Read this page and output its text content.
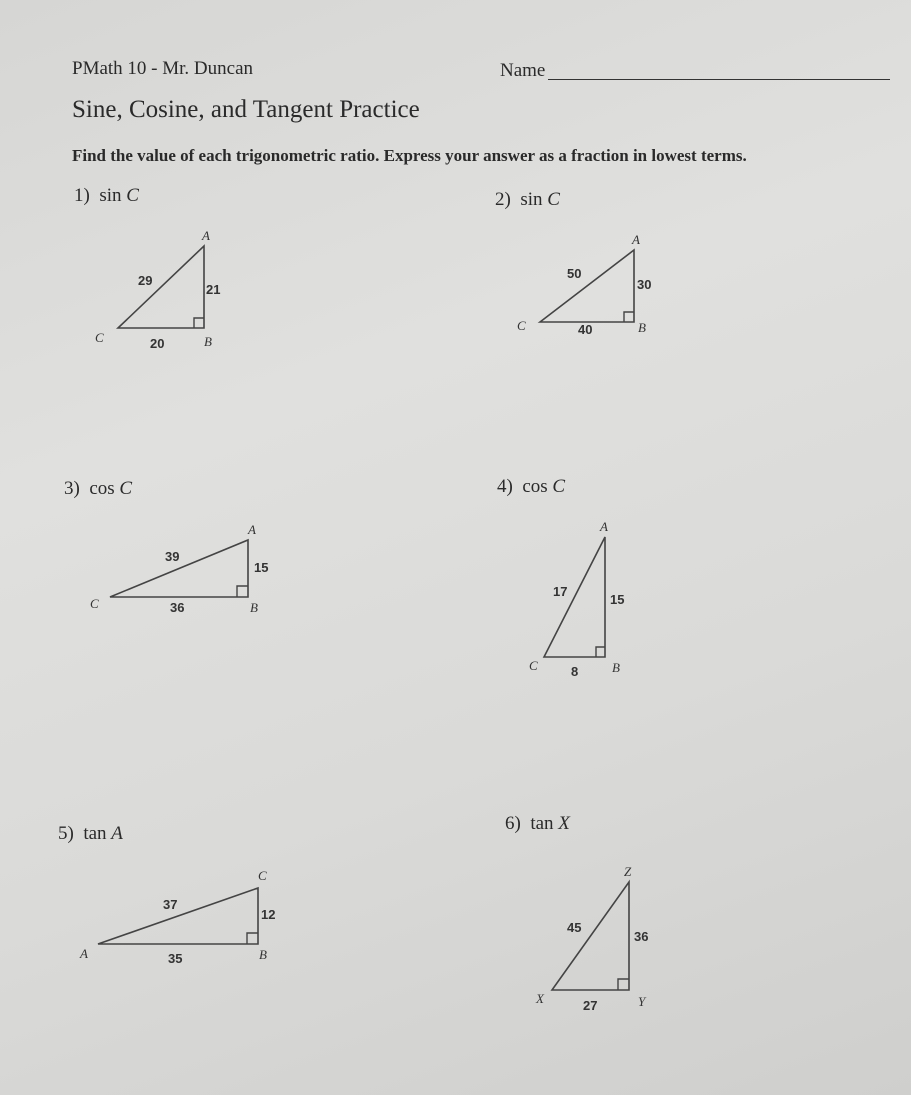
PMath 10 - Mr. Duncan	Name
Sine, Cosine, and Tangent Practice
Find the value of each trigonometric ratio. Express your answer as a fraction in lowest terms.
1) sin C
A
C	B
29
21
20
2) sin C
A
C	B
50
30
40
3) cos C
A
C	B
39
15
36
4) cos C
A
C	B
17
15
8
5) tan A
C
A	B
37
12
35
6) tan X
Z
X	Y
45
36
27
